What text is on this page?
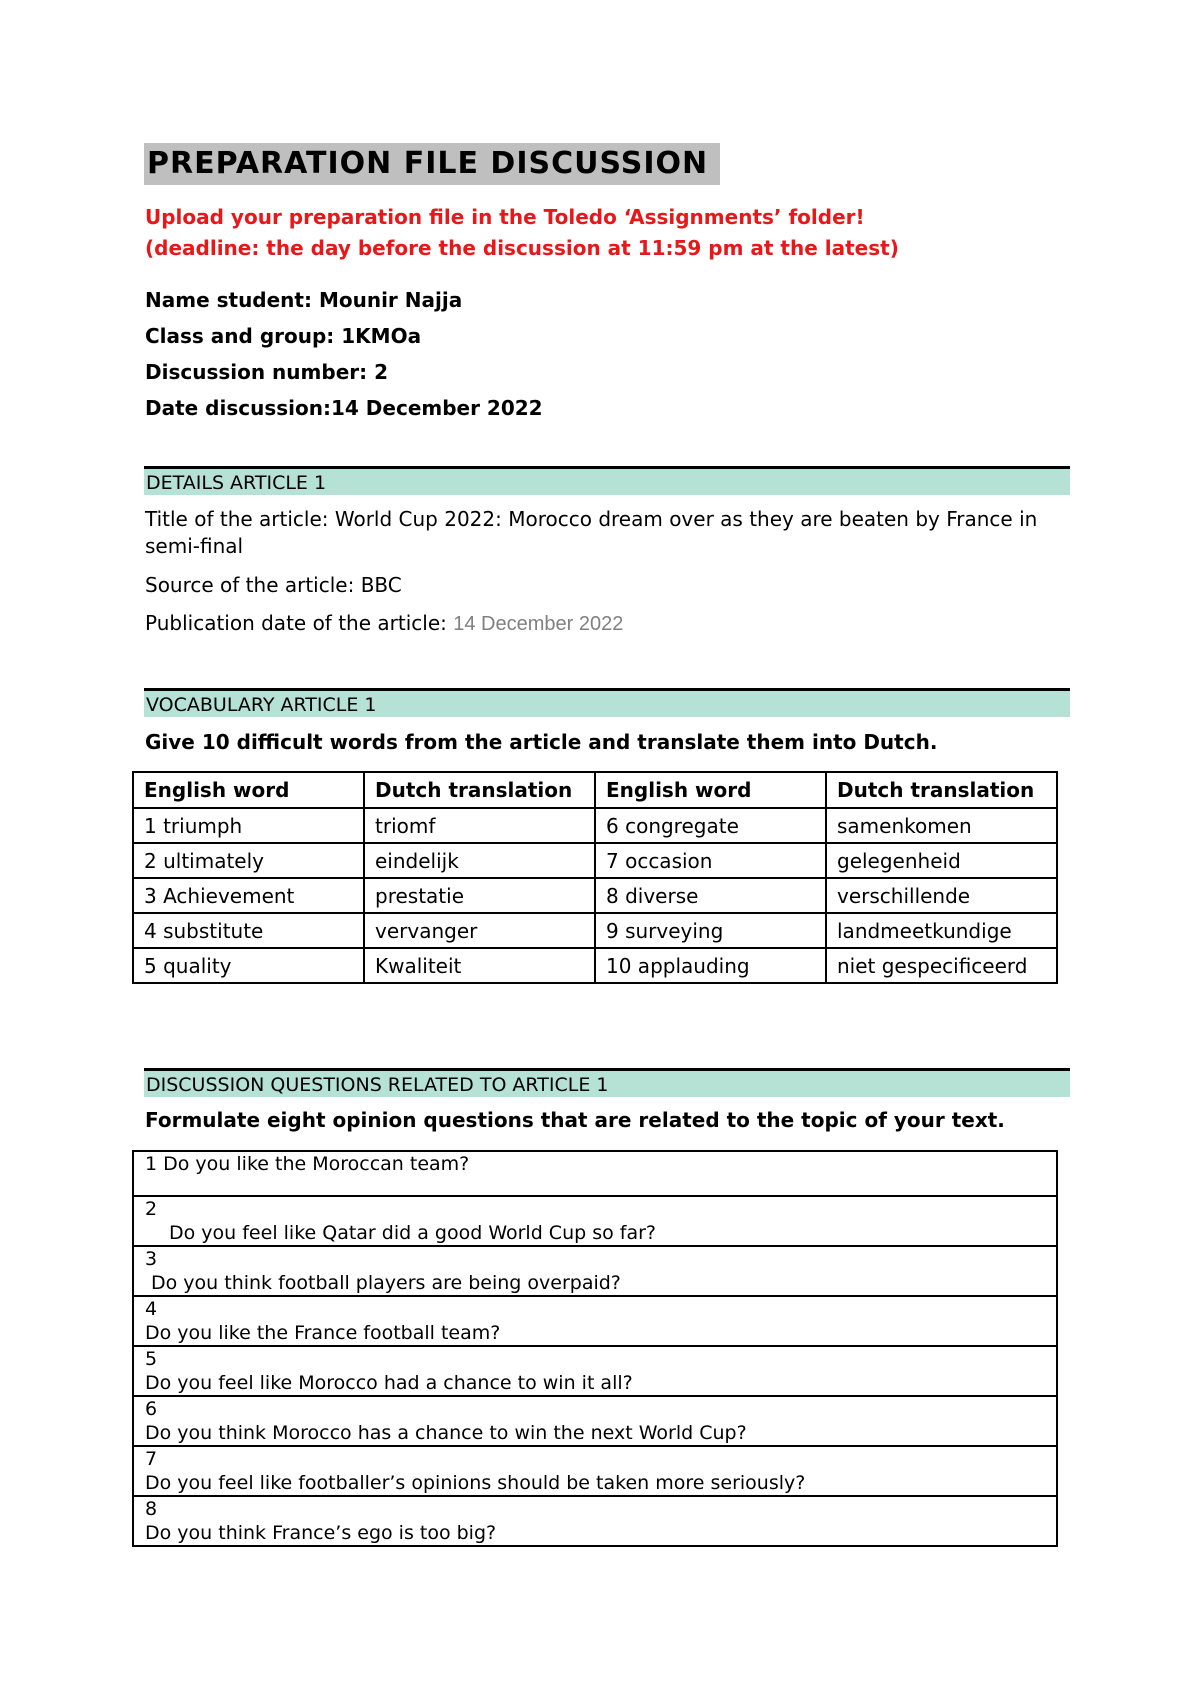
PREPARATION FILE DISCUSSION
Upload your preparation file in the Toledo ‘Assignments’ folder!
(deadline: the day before the discussion at 11:59 pm at the latest)
Name student: Mounir Najja
Class and group: 1KMOa
Discussion number: 2
Date discussion:14 December 2022
DETAILS ARTICLE 1
Title of the article: World Cup 2022: Morocco dream over as they are beaten by France in semi-final
Source of the article: BBC
Publication date of the article: 14 December 2022
VOCABULARY ARTICLE 1
Give 10 difficult words from the article and translate them into Dutch.
English word	Dutch translation	English word	Dutch translation
1 triumph	triomf	6 congregate	samenkomen
2 ultimately	eindelijk	7 occasion	gelegenheid
3 Achievement	prestatie	8 diverse	verschillende
4 substitute	vervanger	9 surveying	landmeetkundige
5 quality	Kwaliteit	10 applauding	niet gespecificeerd
DISCUSSION QUESTIONS RELATED TO ARTICLE 1
Formulate eight opinion questions that are related to the topic of your text.
1 Do you like the Moroccan team?

2
Do you feel like Qatar did a good World Cup so far?

3
Do you think football players are being overpaid?

4
Do you like the France football team?

5
Do you feel like Morocco had a chance to win it all?

6
Do you think Morocco has a chance to win the next World Cup?

7
Do you feel like footballer’s opinions should be taken more seriously?

8
Do you think France’s ego is too big?
